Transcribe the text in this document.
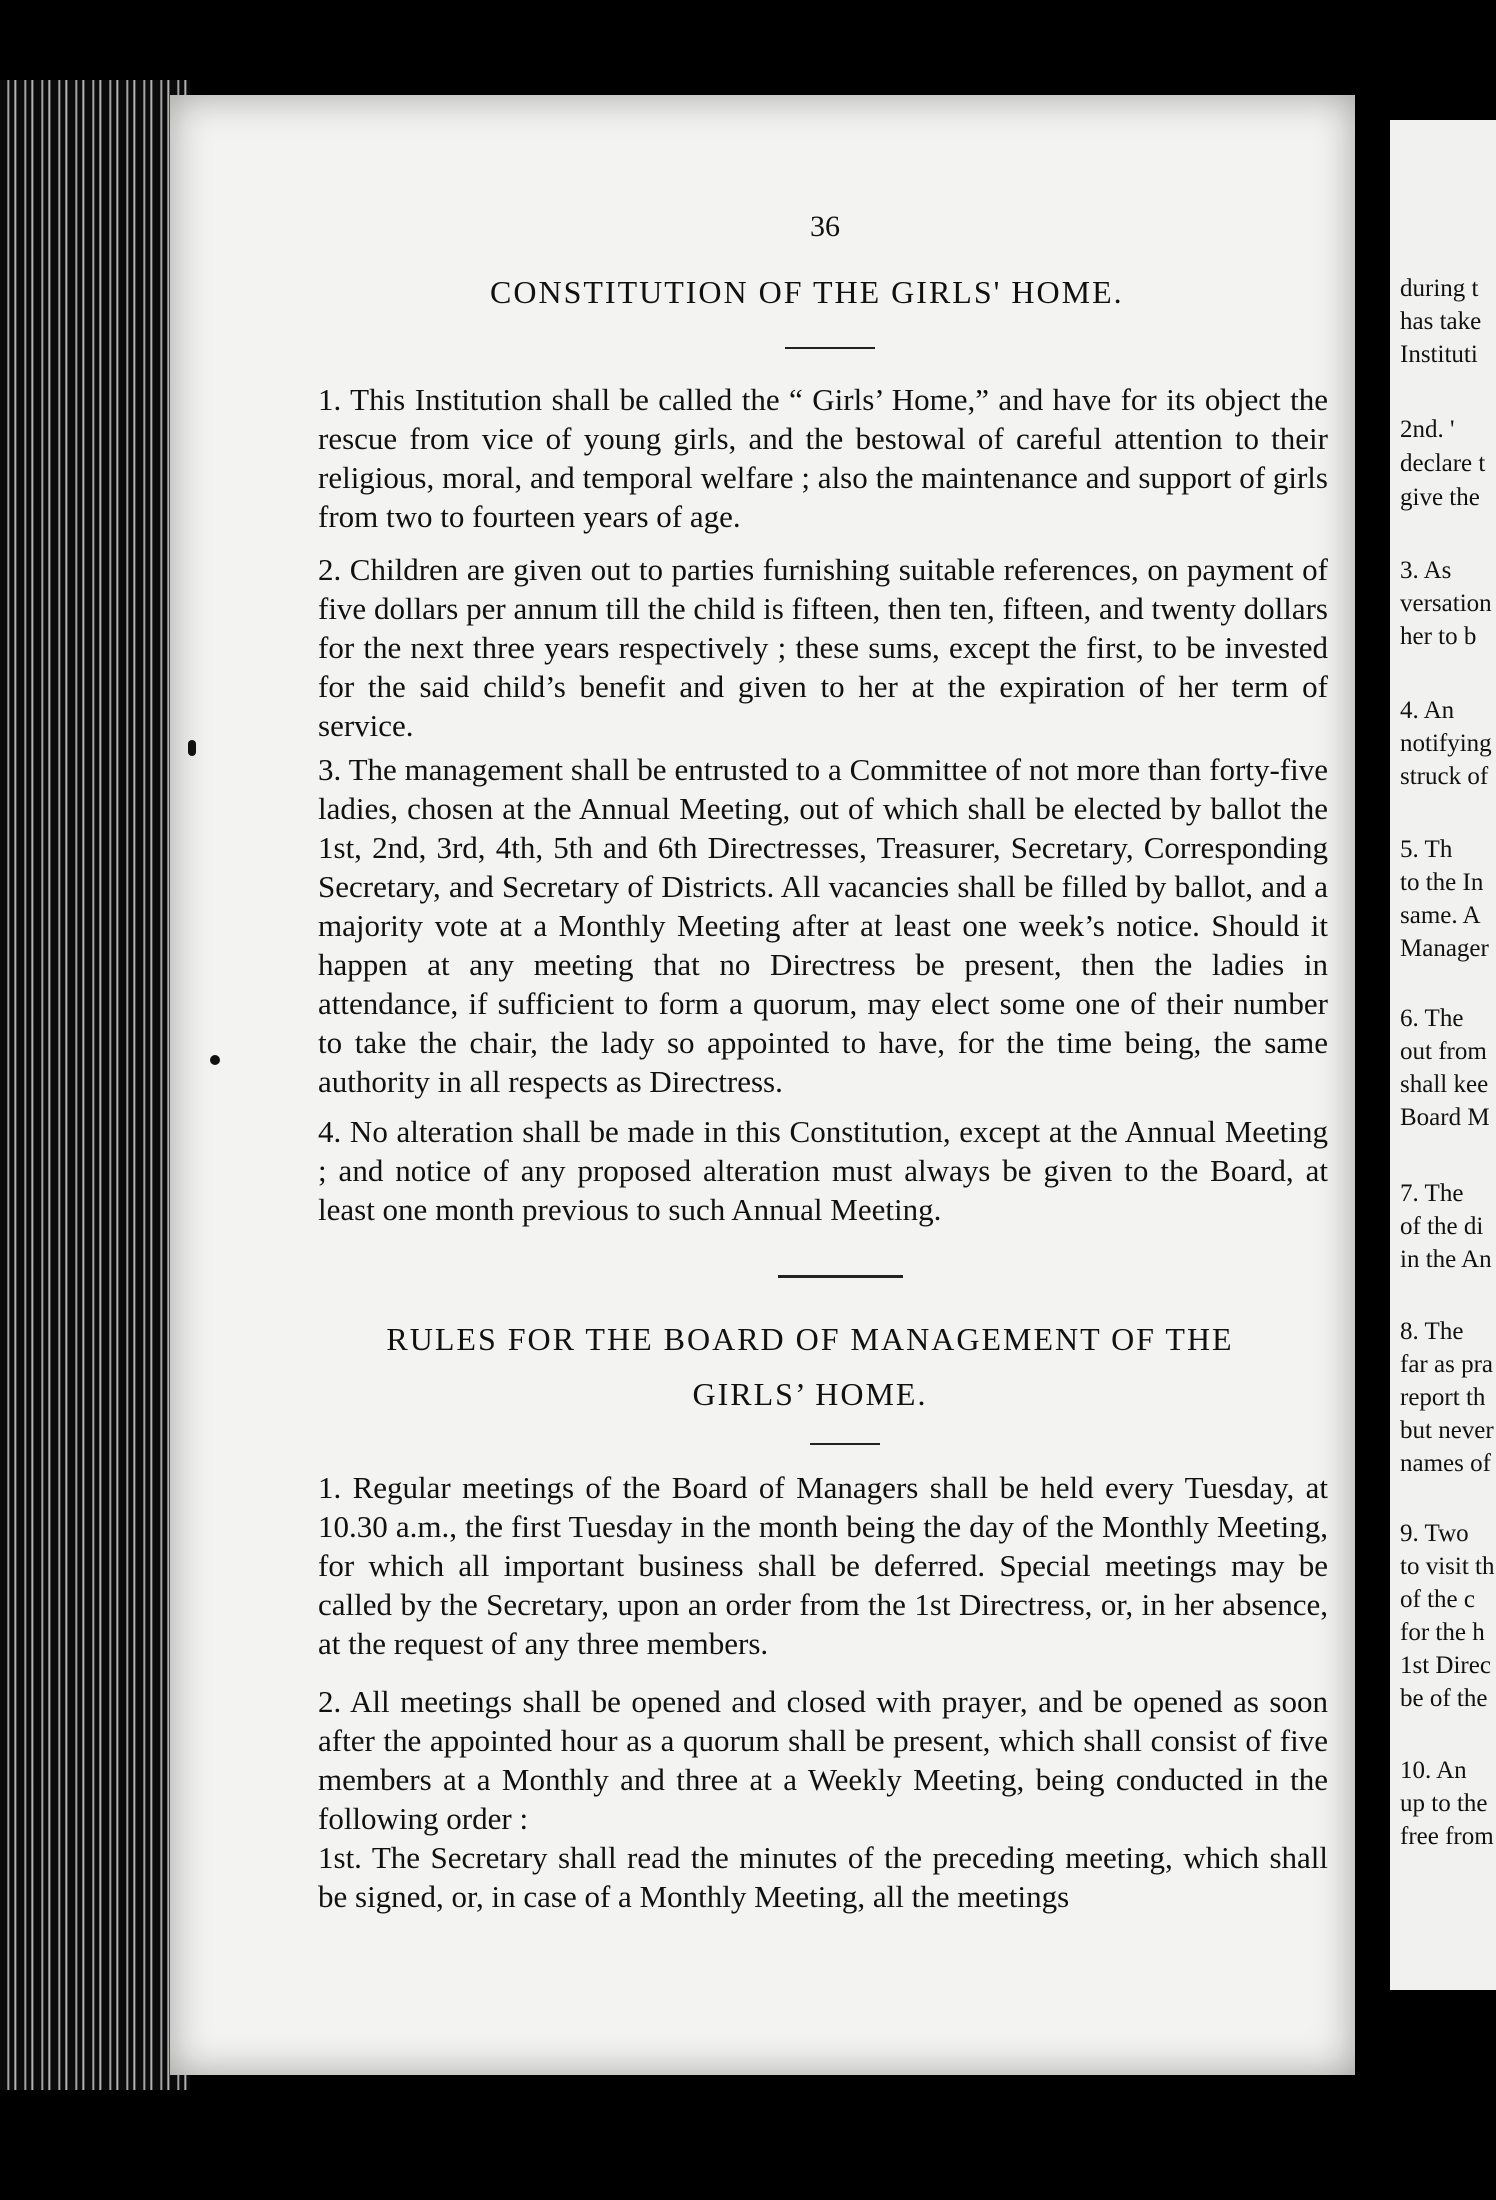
36
CONSTITUTION OF THE GIRLS' HOME.
1. This Institution shall be called the “ Girls’ Home,” and have for its object the rescue from vice of young girls, and the bestowal of careful attention to their religious, moral, and temporal welfare ; also the maintenance and support of girls from two to fourteen years of age.
2. Children are given out to parties furnishing suitable references, on payment of five dollars per annum till the child is fifteen, then ten, fifteen, and twenty dollars for the next three years respectively ; these sums, except the first, to be invested for the said child’s benefit and given to her at the expiration of her term of service.
3. The management shall be entrusted to a Committee of not more than forty-five ladies, chosen at the Annual Meeting, out of which shall be elected by ballot the 1st, 2nd, 3rd, 4th, 5th and 6th Directresses, Treasurer, Secretary, Corresponding Secretary, and Secretary of Districts. All vacancies shall be filled by ballot, and a majority vote at a Monthly Meeting after at least one week’s notice. Should it happen at any meeting that no Directress be present, then the ladies in attendance, if sufficient to form a quorum, may elect some one of their number to take the chair, the lady so appointed to have, for the time being, the same authority in all respects as Directress.
4. No alteration shall be made in this Constitution, except at the Annual Meeting ; and notice of any proposed alteration must always be given to the Board, at least one month previous to such Annual Meeting.
RULES FOR THE BOARD OF MANAGEMENT OF THE
GIRLS’ HOME.
1. Regular meetings of the Board of Managers shall be held every Tuesday, at 10.30 a.m., the first Tuesday in the month being the day of the Monthly Meeting, for which all important business shall be deferred. Special meetings may be called by the Secretary, upon an order from the 1st Directress, or, in her absence, at the request of any three members.
2. All meetings shall be opened and closed with prayer, and be opened as soon after the appointed hour as a quorum shall be present, which shall consist of five members at a Monthly and three at a Weekly Meeting, being conducted in the following order :
1st. The Secretary shall read the minutes of the preceding meeting, which shall be signed, or, in case of a Monthly Meeting, all the meetings
during t
has take
Instituti
2nd. '
declare t
give the
3. As
versation
her to b
4. An
notifying
struck of
5. Th
to the In
same. A
Manager
6. The
out from
shall kee
Board M
7. The
of the di
in the An
8. The
far as pra
report th
but never
names of
9. Two
to visit th
of the c
for the h
1st Direc
be of the
10. An
up to the
free from
